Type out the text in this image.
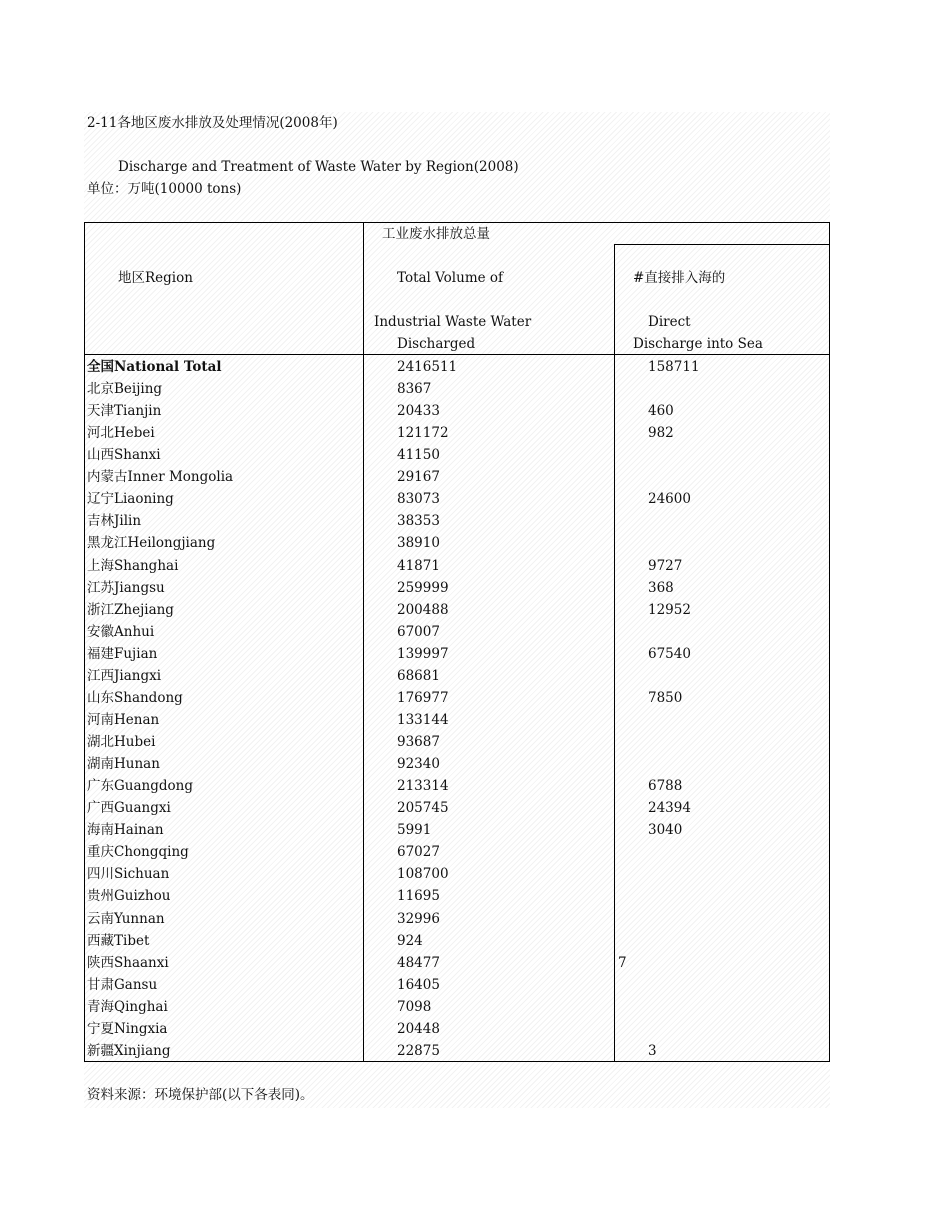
2-11各地区废水排放及处理情况(2008年)
Discharge and Treatment of Waste Water by Region(2008)
单位：万吨(10000 tons)
地区Region
工业废水排放总量
Total Volume of
Industrial Waste Water
Discharged
#直接排入海的
Direct
Discharge into Sea
全国National Total	2416511	158711
北京Beijing	8367
天津Tianjin	20433	460
河北Hebei	121172	982
山西Shanxi	41150
内蒙古Inner Mongolia	29167
辽宁Liaoning	83073	24600
吉林Jilin	38353
黑龙江Heilongjiang	38910
上海Shanghai	41871	9727
江苏Jiangsu	259999	368
浙江Zhejiang	200488	12952
安徽Anhui	67007
福建Fujian	139997	67540
江西Jiangxi	68681
山东Shandong	176977	7850
河南Henan	133144
湖北Hubei	93687
湖南Hunan	92340
广东Guangdong	213314	6788
广西Guangxi	205745	24394
海南Hainan	5991	3040
重庆Chongqing	67027
四川Sichuan	108700
贵州Guizhou	11695
云南Yunnan	32996
西藏Tibet	924
陕西Shaanxi	48477	7
甘肃Gansu	16405
青海Qinghai	7098
宁夏Ningxia	20448
新疆Xinjiang	22875	3
资料来源：环境保护部(以下各表同)。
